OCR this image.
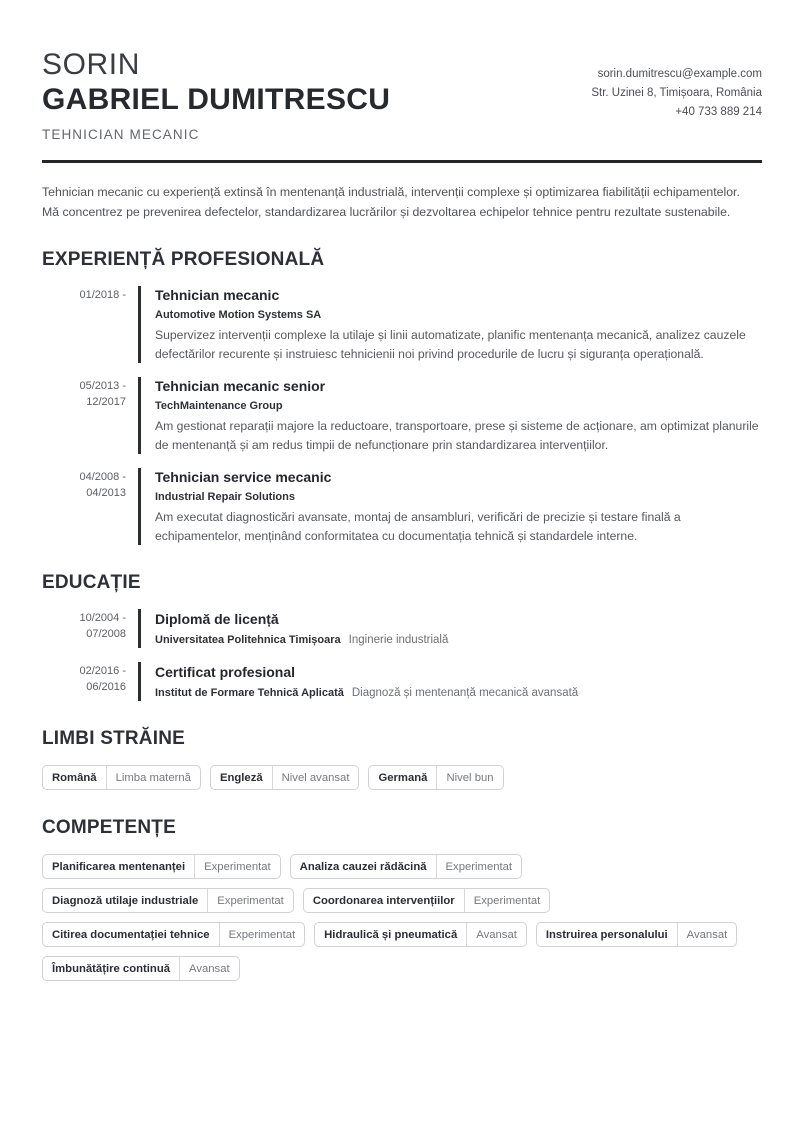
SORIN
GABRIEL DUMITRESCU
TEHNICIAN MECANIC
sorin.dumitrescu@example.com
Str. Uzinei 8, Timișoara, România
+40 733 889 214
Tehnician mecanic cu experiență extinsă în mentenanță industrială, intervenții complexe și optimizarea fiabilității echipamentelor. Mă concentrez pe prevenirea defectelor, standardizarea lucrărilor și dezvoltarea echipelor tehnice pentru rezultate sustenabile.
EXPERIENȚĂ PROFESIONALĂ
01/2018 - Tehnician mecanic
Automotive Motion Systems SA
Supervizez intervenții complexe la utilaje și linii automatizate, planific mentenanța mecanică, analizez cauzele defectărilor recurente și instruiesc tehnicienii noi privind procedurile de lucru și siguranța operațională.
05/2013 -
12/2017
Tehnician mecanic senior
TechMaintenance Group
Am gestionat reparații majore la reductoare, transportoare, prese și sisteme de acționare, am optimizat planurile de mentenanță și am redus timpii de nefuncționare prin standardizarea intervențiilor.
04/2008 -
04/2013
Tehnician service mecanic
Industrial Repair Solutions
Am executat diagnosticări avansate, montaj de ansambluri, verificări de precizie și testare finală a echipamentelor, menținând conformitatea cu documentația tehnică și standardele interne.
EDUCAȚIE
10/2004 -
07/2008
Diplomă de licență
Universitatea Politehnica Timișoara Inginerie industrială
02/2016 -
06/2016
Certificat profesional
Institut de Formare Tehnică Aplicată Diagnoză și mentenanță mecanică avansată
LIMBI STRĂINE
Română	Limba maternă	Engleză	Nivel avansat	Germană	Nivel bun
COMPETENȚE
Planificarea mentenanței	Experimentat	Analiza cauzei rădăcină	Experimentat
Diagnoză utilaje industriale	Experimentat	Coordonarea intervențiilor	Experimentat
Citirea documentației tehnice	Experimentat	Hidraulică și pneumatică	Avansat	Instruirea personalului	Avansat
Îmbunătățire continuă	Avansat
